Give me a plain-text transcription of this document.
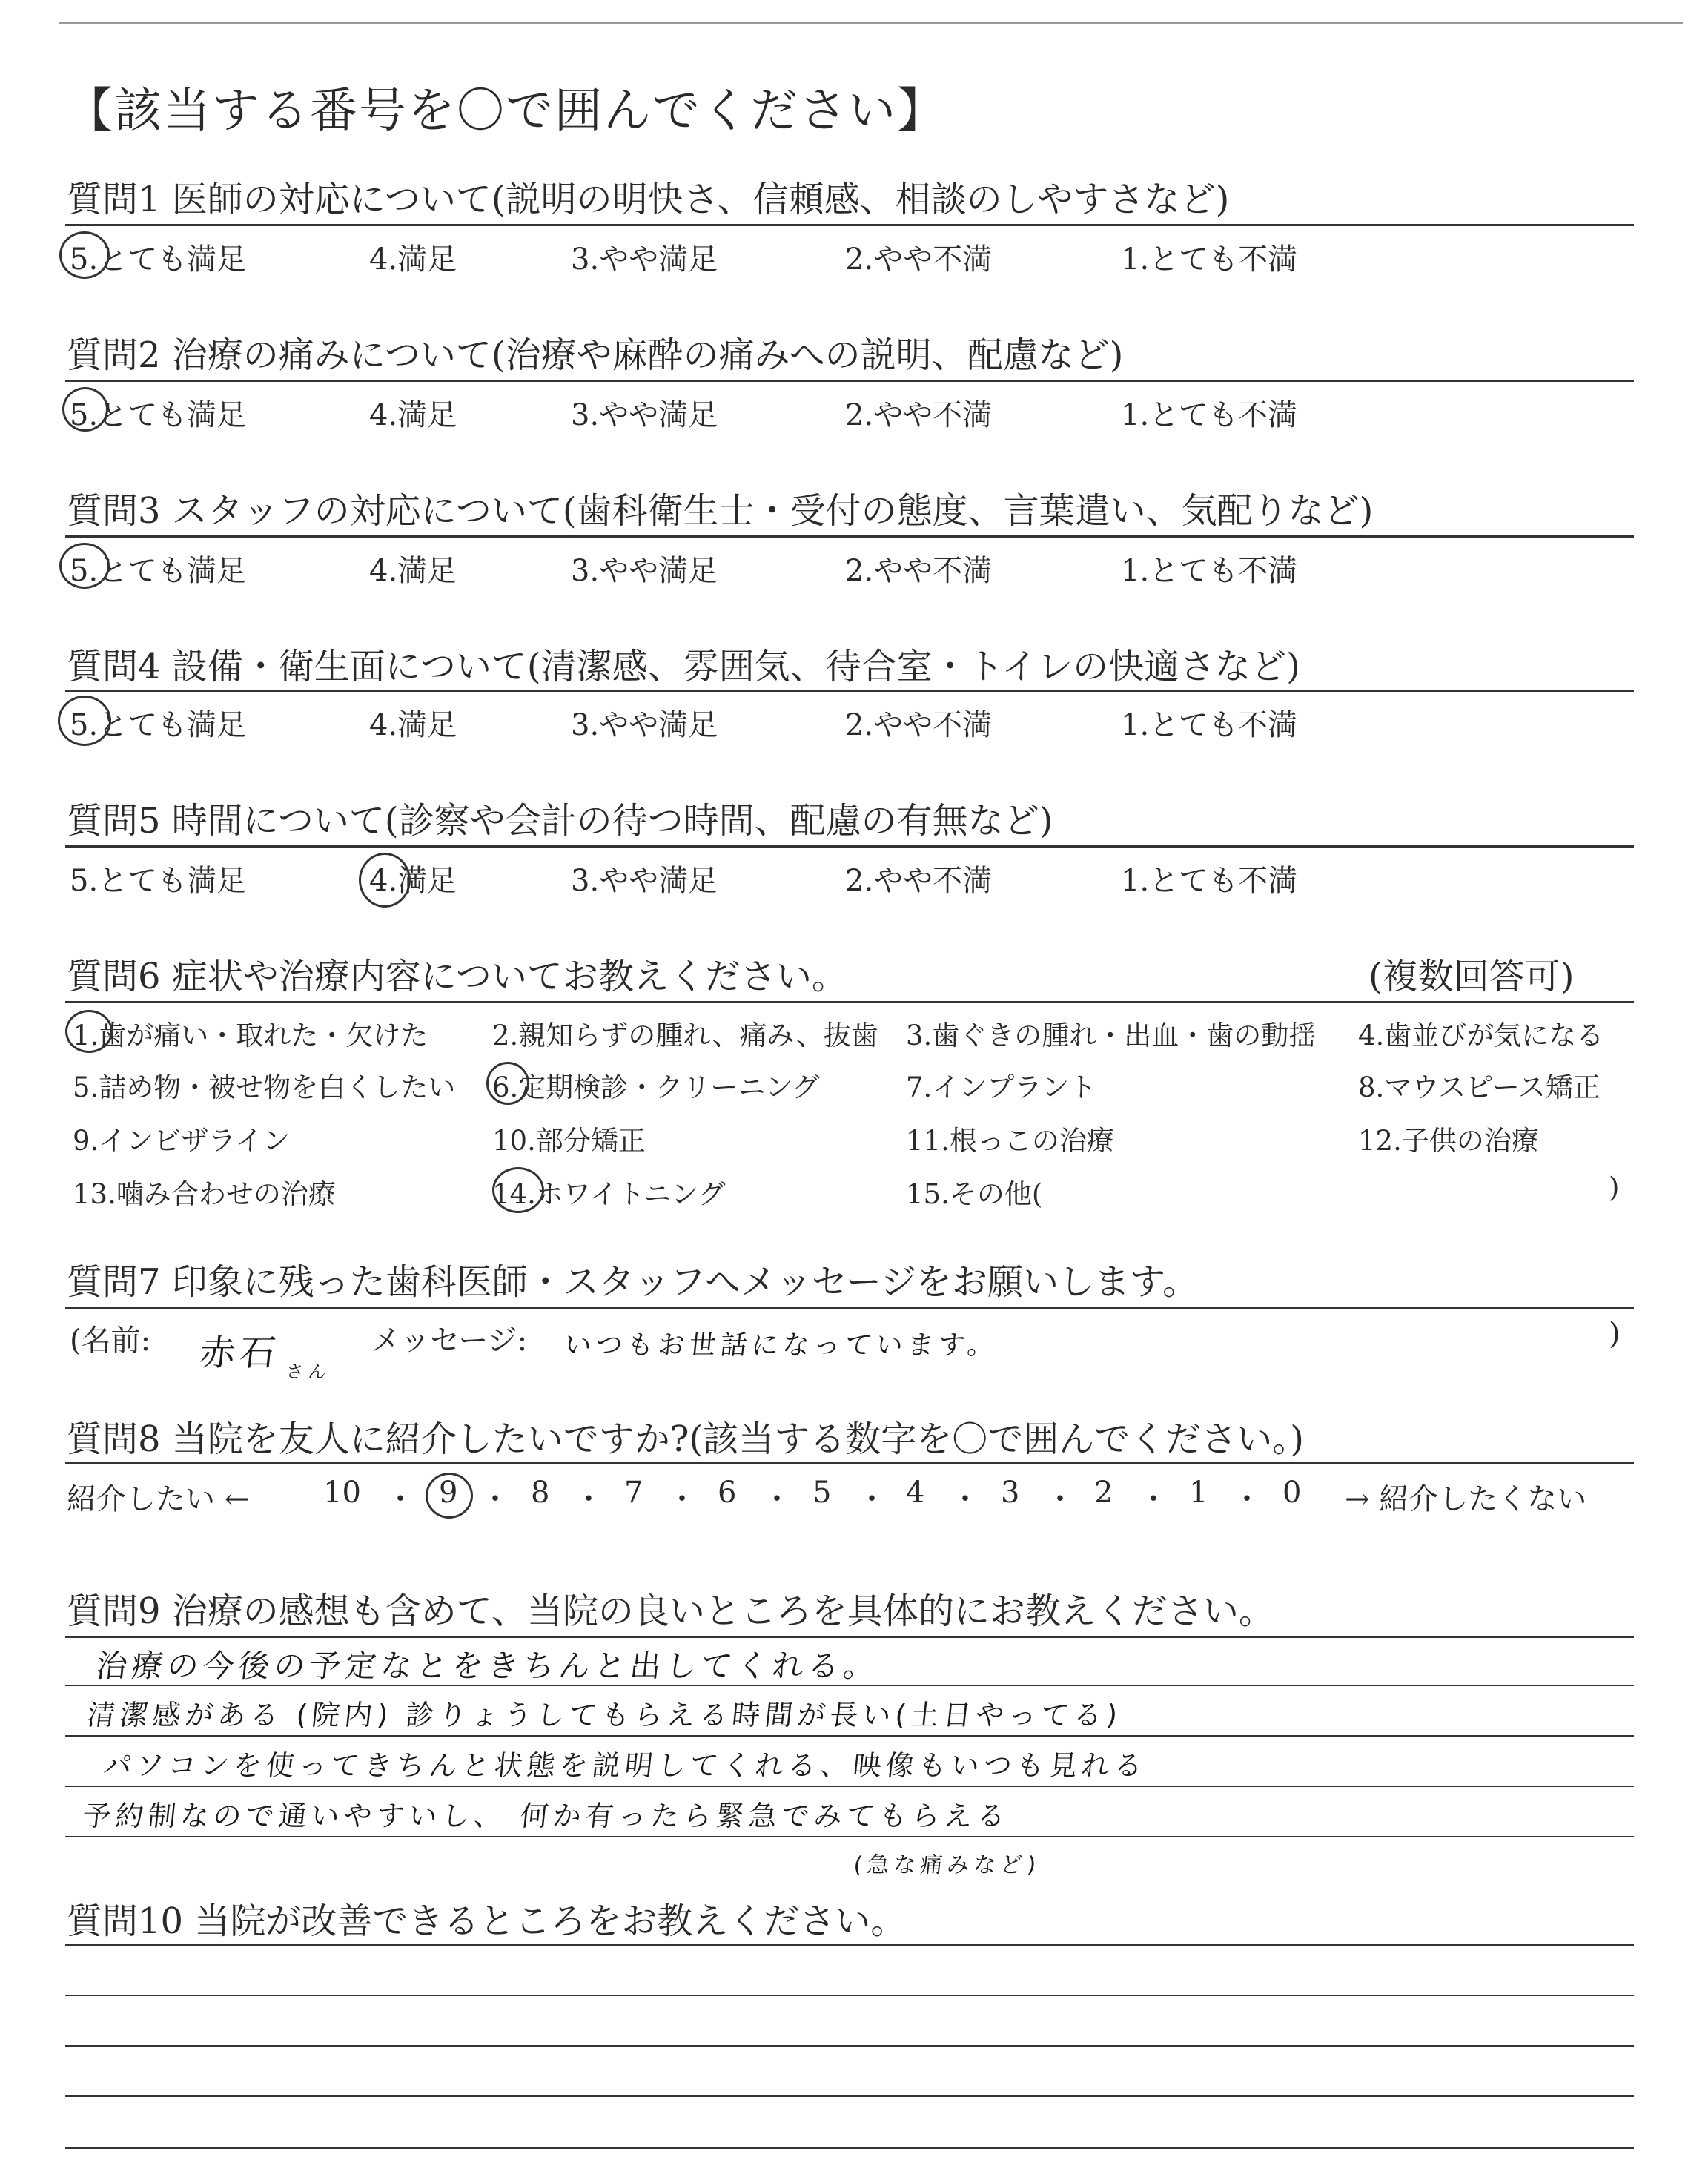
【該当する番号を〇で囲んでください】
質問1 医師の対応について(説明の明快さ、信頼感、相談のしやすさなど)
5.とても満足	4.満足	3.やや満足	2.やや不満	1.とても不満
質問2 治療の痛みについて(治療や麻酔の痛みへの説明、配慮など)
5.とても満足	4.満足	3.やや満足	2.やや不満	1.とても不満
質問3 スタッフの対応について(歯科衛生士・受付の態度、言葉遣い、気配りなど)
5.とても満足	4.満足	3.やや満足	2.やや不満	1.とても不満
質問4 設備・衛生面について(清潔感、雰囲気、待合室・トイレの快適さなど)
5.とても満足	4.満足	3.やや満足	2.やや不満	1.とても不満
質問5 時間について(診察や会計の待つ時間、配慮の有無など)
5.とても満足	4.満足	3.やや満足	2.やや不満	1.とても不満
質問6 症状や治療内容についてお教えください。	(複数回答可)
1.歯が痛い・取れた・欠けた 2.親知らずの腫れ、痛み、抜歯 3.歯ぐきの腫れ・出血・歯の動揺 4.歯並びが気になる
5.詰め物・被せ物を白くしたい 6.定期検診・クリーニング	7.インプラント	8.マウスピース矯正
9.インビザライン	10.部分矯正	11.根っこの治療	12.子供の治療
13.噛み合わせの治療	14.ホワイトニング	15.その他(	)
質問7 印象に残った歯科医師・スタッフへメッセージをお願いします。
(名前: 赤石 さん
メッセージ: いつもお世話になっています。	)
質問8 当院を友人に紹介したいですか?(該当する数字を〇で囲んでください。)
紹介したい ←	→ 紹介したくない
10 ・ 9 ・ 8 ・ 7 ・ 6 ・ 5 ・ 4 ・ 3 ・ 2 ・ 1 ・ 0
質問9 治療の感想も含めて、当院の良いところを具体的にお教えください。
治療の今後の予定なとをきちんと出してくれる。
清潔感がある (院内) 診りょうしてもらえる時間が長い(土日やってる)
パソコンを使ってきちんと状態を説明してくれる、映像もいつも見れる
予約制なので通いやすいし、 何か有ったら緊急でみてもらえる
(急な痛みなど)
質問10 当院が改善できるところをお教えください。
